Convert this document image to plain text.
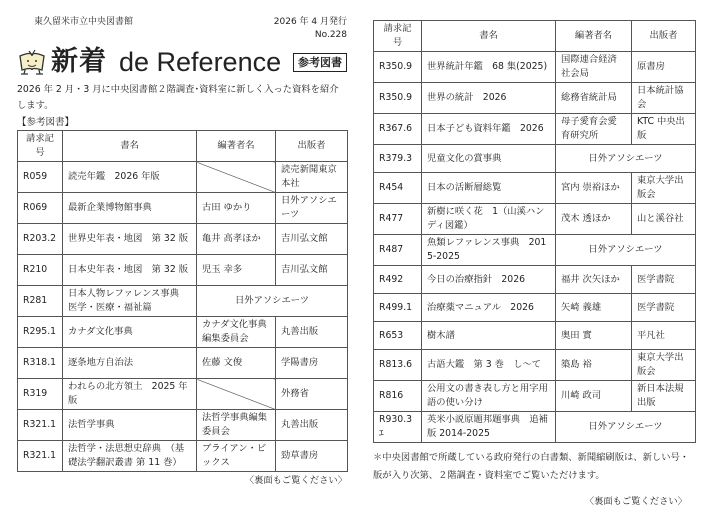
東久留米市立中央図書館	2026 年 4 月発行
No.228
新着 de Reference	参考図書
2026 年 2 月・3 月に中央図書館２階調査･資料室に新しく入った資料を紹介します。
【参考図書】
請求記号	書名	編著者名	出版者
R059	読売年鑑　2026 年版		読売新聞東京本社
R069	最新企業博物館事典	古田 ゆかり	日外アソシエーツ
R203.2	世界史年表・地図　第 32 版	亀井 高孝ほか	吉川弘文館
R210	日本史年表・地図　第 32 版	児玉 幸多	吉川弘文館
R281	日本人物レファレンス事典　医学・医療・福祉篇	日外アソシエーツ	
R295.1	カナダ文化事典	カナダ文化事典編集委員会	丸善出版
R318.1	逐条地方自治法	佐藤 文俊	学陽書房
R319	われらの北方領土　2025 年版		外務省
R321.1	法哲学事典	法哲学事典編集委員会	丸善出版
R321.1	法哲学・法思想史辞典　（基礎法学翻訳叢書 第 11 巻）	ブライアン・ビックス	勁草書房
〈裏面もご覧ください〉
請求記号	書名	編著者名	出版者
R350.9	世界統計年鑑　68 集(2025)	国際連合経済社会局	原書房
R350.9	世界の統計　2026	総務省統計局	日本統計協会
R367.6	日本子ども資料年鑑　2026	母子愛育会愛育研究所	KTC 中央出版
R379.3	児童文化の賞事典	日外アソシエーツ	
R454	日本の活断層総覧	宮内 崇裕ほか	東京大学出版会
R477	新樹に咲く花　1（山溪ハンディ図鑑）	茂木 透ほか	山と溪谷社
R487	魚類レファレンス事典　2015-2025	日外アソシエーツ	
R492	今日の治療指針　2026	福井 次矢ほか	医学書院
R499.1	治療薬マニュアル　2026	矢崎 義雄	医学書院
R653	樹木譜	奥田 實	平凡社
R813.6	古語大鑑　第 3 巻　し～て	築島 裕	東京大学出版会
R816	公用文の書き表し方と用字用語の使い分け	川崎 政司	新日本法規出版
R930.3 ｴ	英米小説原題邦題事典　追補版 2014-2025	日外アソシエーツ	
＊中央図書館で所蔵している政府発行の白書類、新聞縮刷版は、新しい号・版が入り次第、２階調査・資料室でご覧いただけます。
〈裏面もご覧ください〉
